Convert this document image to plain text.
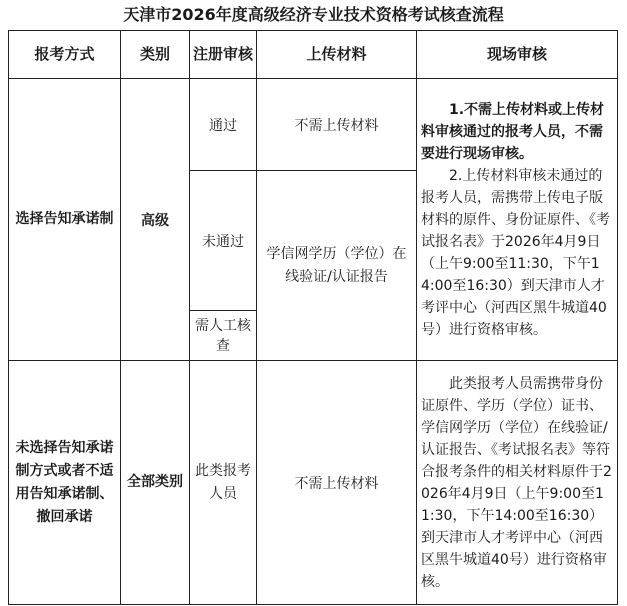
天津市2026年度高级经济专业技术资格考试核查流程
报考方式	类别	注册审核	上传材料	现场审核
选择告知承诺制	高级	通过	不需上传材料	1.不需上传材料或上传材料审核通过的报考人员，不需要进行现场审核。

2.上传材料审核未通过的报考人员，需携带上传电子版材料的原件、身份证原件、《考试报名表》于2026年4月9日（上午9:00至11:30，下午14:00至16:30）到天津市人才考评中心（河西区黑牛城道40号）进行资格审核。

		未通过	学信网学历（学位）在线验证/认证报告	
		需人工核查		
未选择告知承诺制方式或者不适用告知承诺制、撤回承诺	全部类别	此类报考人员	不需上传材料	此类报考人员需携带身份证原件、学历（学位）证书、学信网学历（学位）在线验证/认证报告、《考试报名表》等符合报考条件的相关材料原件于2026年4月9日（上午9:00至11:30，下午14:00至16:30）到天津市人才考评中心（河西区黑牛城道40号）进行资格审核。
